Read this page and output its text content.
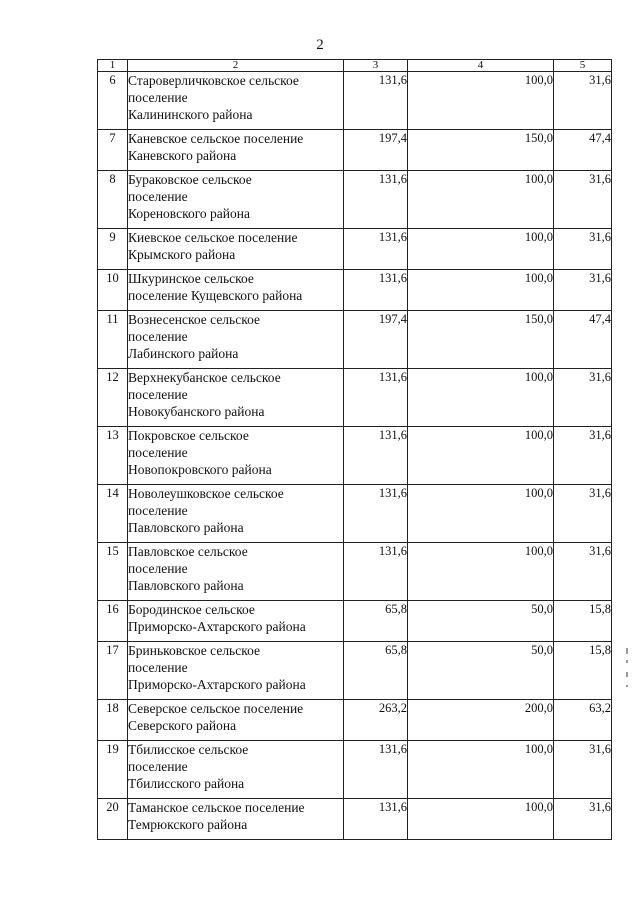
2
1	2	3	4	5
6	Староверличковское сельское
поселение
Калининского района	131,6	100,0	31,6
7	Каневское сельское поселение
Каневского района	197,4	150,0	47,4
8	Бураковское сельское
поселение
Кореновского района	131,6	100,0	31,6
9	Киевское сельское поселение
Крымского района	131,6	100,0	31,6
10	Шкуринское сельское
поселение Кущевского района	131,6	100,0	31,6
11	Вознесенское сельское
поселение
Лабинского района	197,4	150,0	47,4
12	Верхнекубанское сельское
поселение
Новокубанского района	131,6	100,0	31,6
13	Покровское сельское
поселение
Новопокровского района	131,6	100,0	31,6
14	Новолеушковское сельское
поселение
Павловского района	131,6	100,0	31,6
15	Павловское сельское
поселение
Павловского района	131,6	100,0	31,6
16	Бородинское сельское
Приморско-Ахтарского района	65,8	50,0	15,8
17	Бриньковское сельское
поселение
Приморско-Ахтарского района	65,8	50,0	15,8
18	Северское сельское поселение
Северского района	263,2	200,0	63,2
19	Тбилисское сельское
поселение
Тбилисского района	131,6	100,0	31,6
20	Таманское сельское поселение
Темрюкского района	131,6	100,0	31,6
